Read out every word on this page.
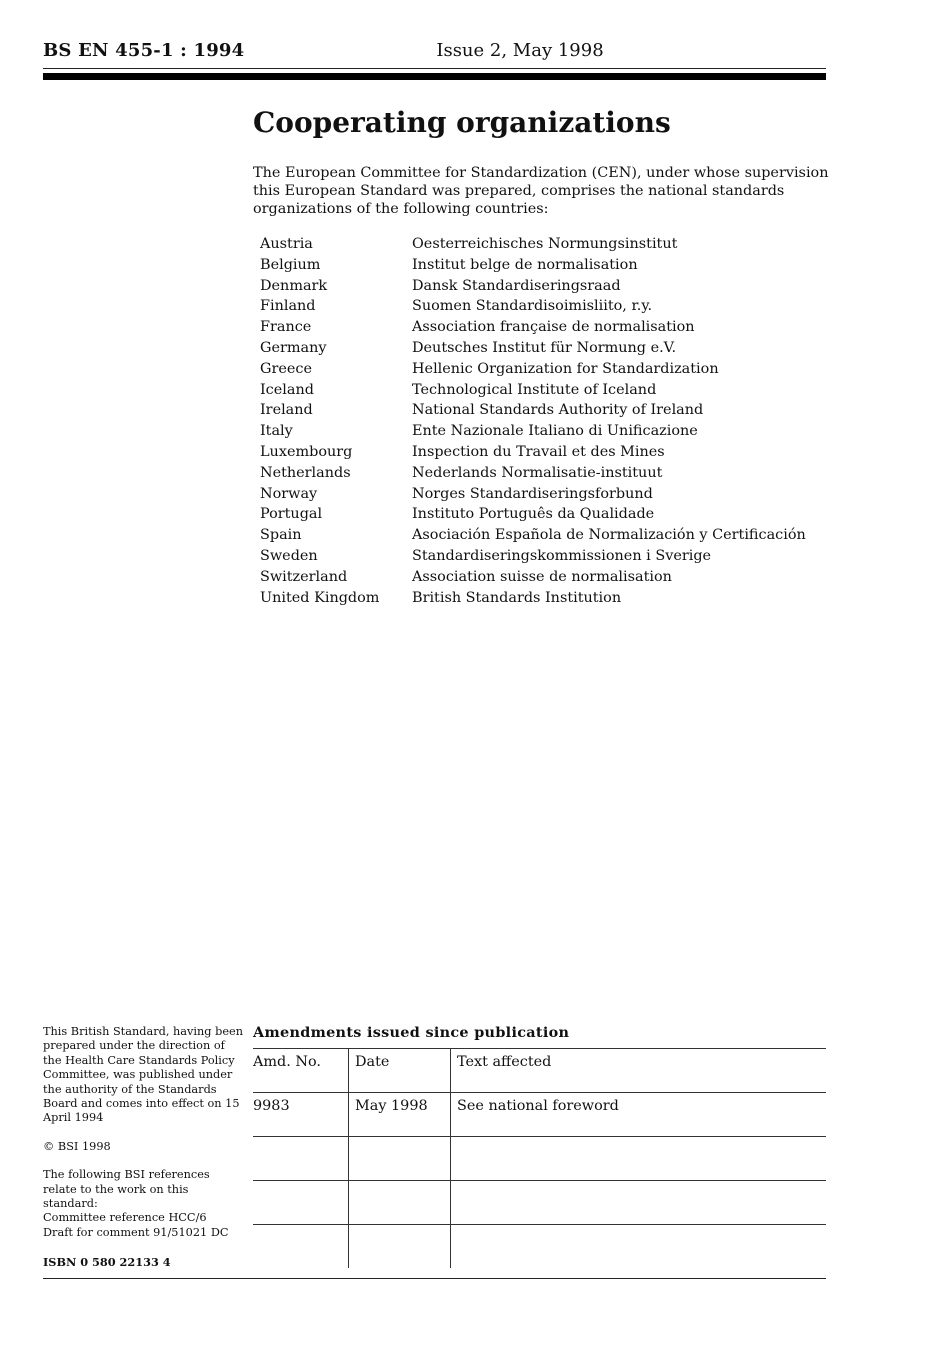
BS EN 455-1 : 1994	Issue 2, May 1998
Cooperating organizations

The European Committee for Standardization (CEN), under whose supervision this European Standard was prepared, comprises the national standards organizations of the following countries:

Austria	Oesterreichisches Normungsinstitut
Belgium	Institut belge de normalisation
Denmark	Dansk Standardiseringsraad
Finland	Suomen Standardisoimisliito, r.y.
France	Association française de normalisation
Germany	Deutsches Institut für Normung e.V.
Greece	Hellenic Organization for Standardization
Iceland	Technological Institute of Iceland
Ireland	National Standards Authority of Ireland
Italy	Ente Nazionale Italiano di Unificazione
Luxembourg	Inspection du Travail et des Mines
Netherlands	Nederlands Normalisatie-instituut
Norway	Norges Standardiseringsforbund
Portugal	Instituto Português da Qualidade
Spain	Asociación Española de Normalización y Certificación
Sweden	Standardiseringskommissionen i Sverige
Switzerland	Association suisse de normalisation
United Kingdom	British Standards Institution

This British Standard, having been prepared under the direction of the Health Care Standards Policy Committee, was published under the authority of the Standards Board and comes into effect on 15 April 1994

© BSI 1998

The following BSI references relate to the work on this standard:

Committee reference HCC/6

Draft for comment 91/51021 DC

ISBN 0 580 22133 4

Amendments issued since publication
Amd. No.	Date	Text affected
9983	May 1998	See national foreword
